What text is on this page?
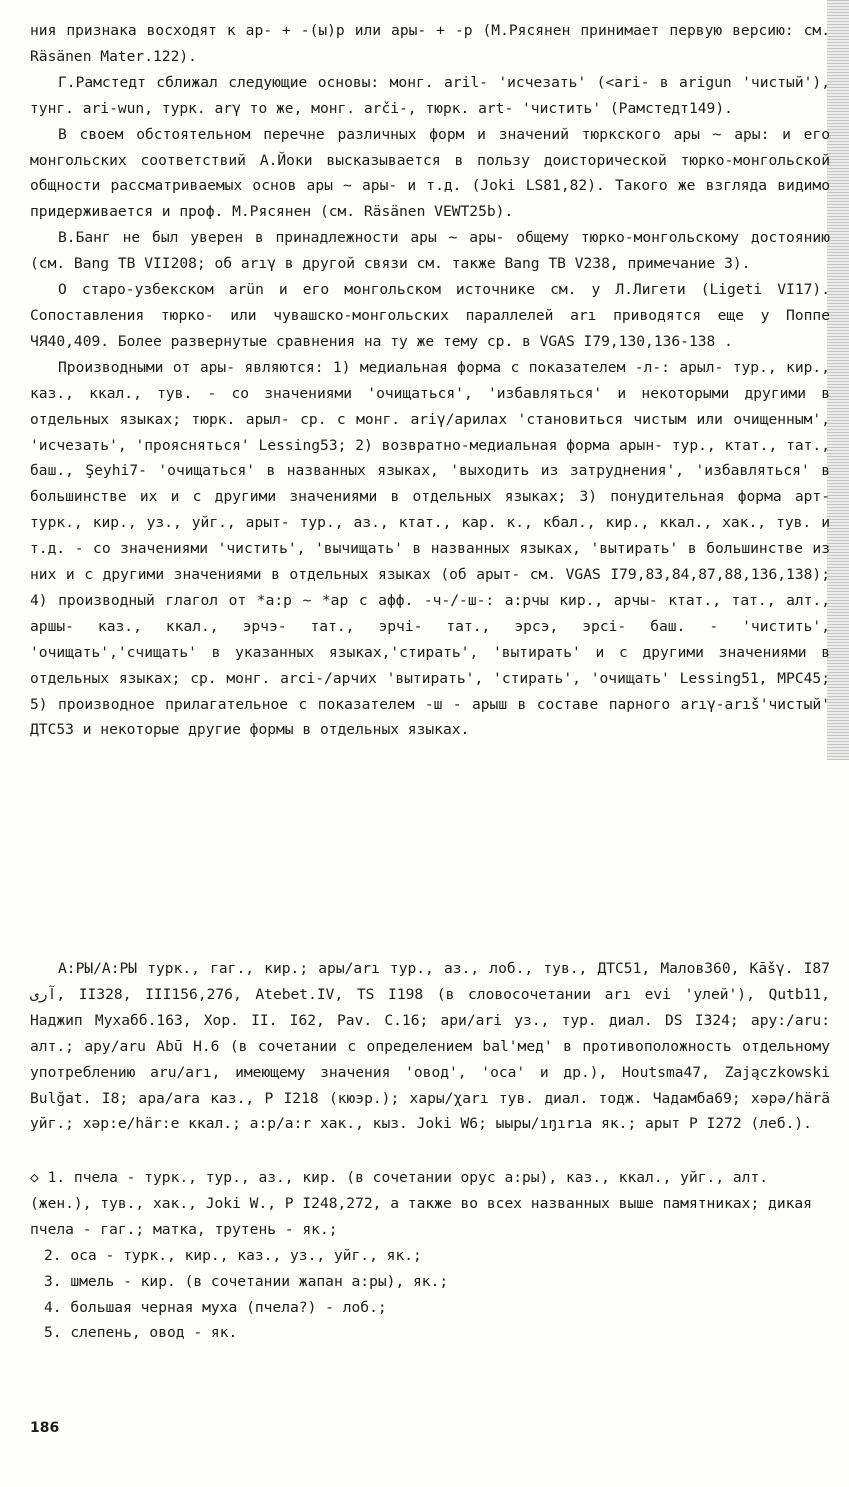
ния признака восходят к ар- + -(ы)р или ары- + -р (М.Рясянен принимает первую версию: см. Räsänen Mater.122).

Г.Рамстедт сближал следующие основы: монг. aril- 'исчезать' (<ari- в arigun 'чистый'), тунг. ari-wun, турк. arγ то же, монг. arči-, тюрк. art- 'чистить' (Рамстедт149).

В своем обстоятельном перечне различных форм и значений тюркского ары ~ ары: и его монгольских соответствий А.Йоки высказывается в пользу доисторической тюрко-монгольской общности рассматриваемых основ ары ~ ары- и т.д. (Joki LS81,82). Такого же взгляда видимо придерживается и проф. М.Рясянен (см. Räsänen VEWT25b).

В.Банг не был уверен в принадлежности ары ~ ары- общему тюрко-монгольскому достоянию (см. Bang TB VII208; об arıγ в другой связи см. также Bang TB V238, примечание 3).

О старо-узбекском arün и его монгольском источнике см. у Л.Лигети (Ligeti VI17). Сопоставления тюрко- или чувашско-монгольских параллелей arı приводятся еще у Поппе ЧЯ40,409. Более развернутые сравнения на ту же тему ср. в VGAS I79,130,136-138 .

Производными от ары- являются: 1) медиальная форма с показателем -л-: арыл- тур., кир., каз., ккал., тув. - со значениями 'очищаться', 'избавляться' и некоторыми другими в отдельных языках; тюрк. арыл- ср. с монг. ariγ/арилах 'становиться чистым или очищенным', 'исчезать', 'проясняться' Lessing53; 2) возвратно-медиальная форма арын- тур., ктат., тат., баш., Şeyhi7- 'очищаться' в названных языках, 'выходить из затруднения', 'избавляться' в большинстве их и с другими значениями в отдельных языках; 3) понудительная форма арт- турк., кир., уз., уйг., арыт- тур., аз., ктат., кар. к., кбал., кир., ккал., хак., тув. и т.д. - со значениями 'чистить', 'вычищать' в названных языках, 'вытирать' в большинстве из них и с другими значениями в отдельных языках (об арыт- см. VGAS I79,83,84,87,88,136,138); 4) производный глагол от *а:р ~ *ар с афф. -ч-/-ш-: а:рчы кир., арчы- ктат., тат., алт., аршы- каз., ккал., эрчэ- тат., эрчі- тат., эрсэ, эрсі- баш. - 'чистить', 'очищать','счищать' в указанных языках,'стирать', 'вытирать' и с другими значениями в отдельных языках; ср. монг. arci-/арчих 'вытирать', 'стирать', 'очищать' Lessing51, МРС45; 5) производное прилагательное с показателем -ш - арыш в составе парного arıγ-arıš'чистый' ДТС53 и некоторые другие формы в отдельных языках.

А:РЫ/А:РЫ турк., гаг., кир.; ары/arı тур., аз., лоб., тув., ДТС51, Малов360, Kāšγ. I87 آرى, II328, III156,276, Atebet.IV, TS I198 (в словосочетании arı evi 'улей'), Qutb11, Наджип Мухабб.163, Хор. II. I62, Pav. C.16; ари/ari уз., тур. диал. DS I324; ару:/aru: алт.; ару/aru Abū H.6 (в сочетании с определением bal'мед' в противоположность отдельному употреблению aru/arı, имеющему значения 'овод', 'оса' и др.), Houtsma47, Zajączkowski Bulğat. I8; ара/ara каз., P I218 (кюэр.); хары/χarı тув. диал. тодж. Чадамба69; хәрә/härä уйг.; хәр:е/här:e ккал.; а:р/a:r хак., кыз. Joki W6; ыыры/ıŋırıa як.; арыт P I272 (леб.).

◇ 1. пчела - турк., тур., аз., кир. (в сочетании орус а:ры), каз., ккал., уйг., алт. (жен.), тув., хак., Joki W., P I248,272, а также во всех названных выше памятниках; дикая пчела - гаг.; матка, трутень - як.;
2. оса - турк., кир., каз., уз., уйг., як.;
3. шмель - кир. (в сочетании жапан а:ры), як.;
4. большая черная муха (пчела?) - лоб.;
5. слепень, овод - як.
186
